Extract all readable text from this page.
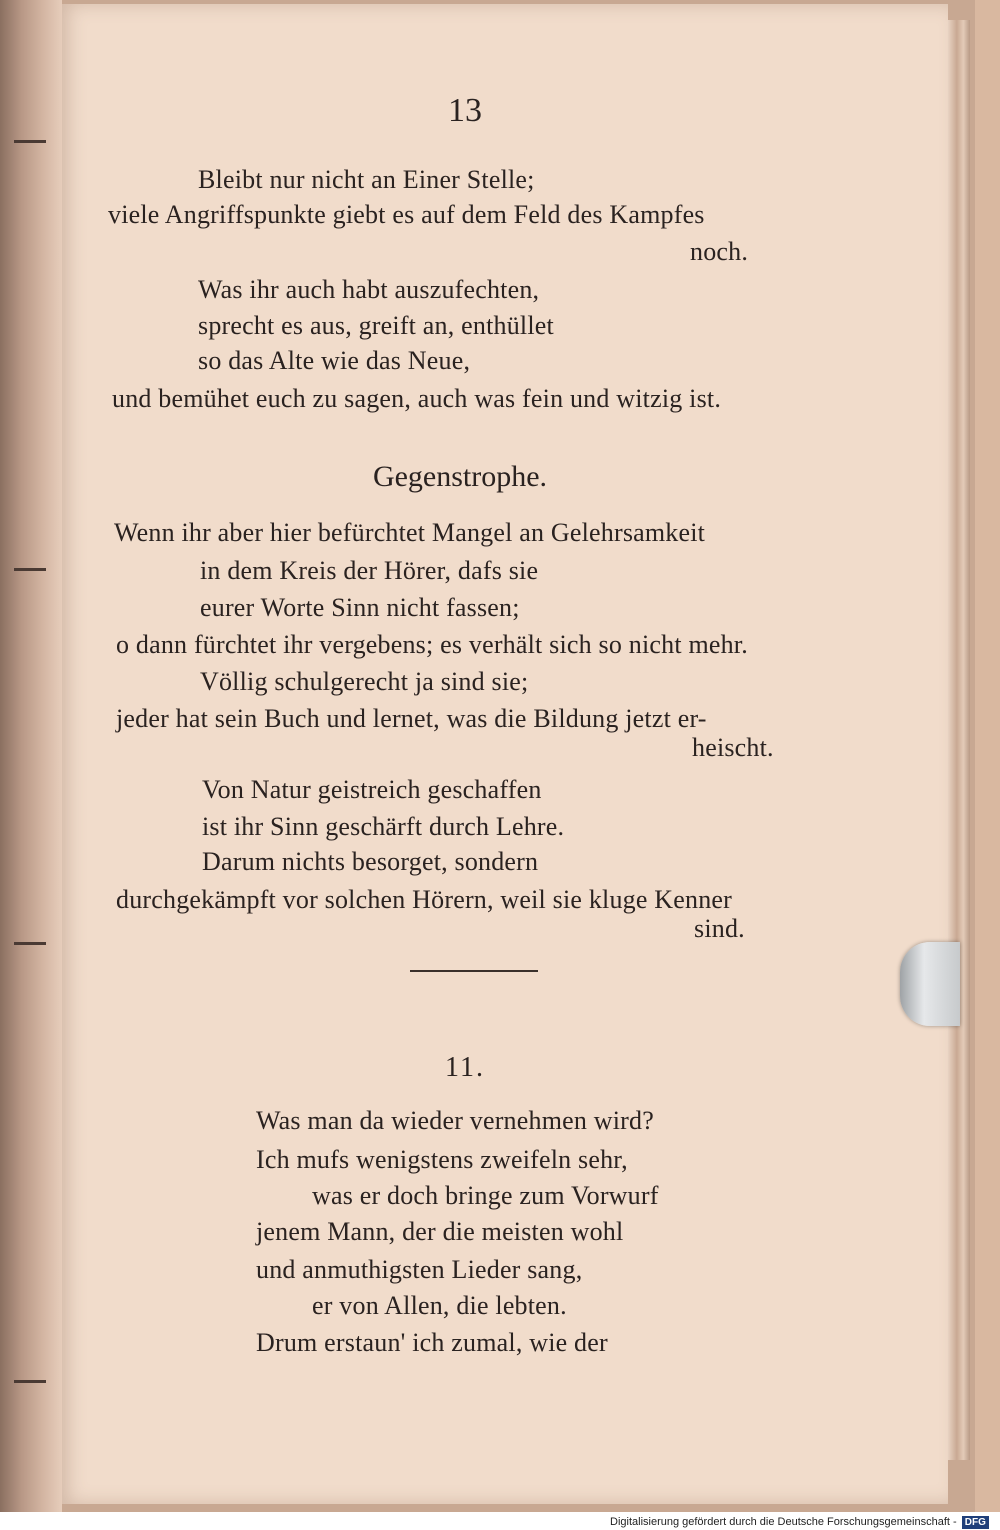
13
Bleibt nur nicht an Einer Stelle;
viele Angriffspunkte giebt es auf dem Feld des Kampfes
noch.
Was ihr auch habt auszufechten,
sprecht es aus, greift an, enthüllet
so das Alte wie das Neue,
und bemühet euch zu sagen, auch was fein und witzig ist.
Gegenstrophe.
Wenn ihr aber hier befürchtet Mangel an Gelehrsamkeit
in dem Kreis der Hörer, dafs sie
eurer Worte Sinn nicht fassen;
o dann fürchtet ihr vergebens; es verhält sich so nicht mehr.
Völlig schulgerecht ja sind sie;
jeder hat sein Buch und lernet, was die Bildung jetzt er-
heischt.
Von Natur geistreich geschaffen
ist ihr Sinn geschärft durch Lehre.
Darum nichts besorget, sondern
durchgekämpft vor solchen Hörern, weil sie kluge Kenner
sind.
11.
Was man da wieder vernehmen wird?
Ich mufs wenigstens zweifeln sehr,
was er doch bringe zum Vorwurf
jenem Mann, der die meisten wohl
und anmuthigsten Lieder sang,
er von Allen, die lebten.
Drum erstaun' ich zumal, wie der
Digitalisierung gefördert durch die Deutsche Forschungsgemeinschaft - DFG
